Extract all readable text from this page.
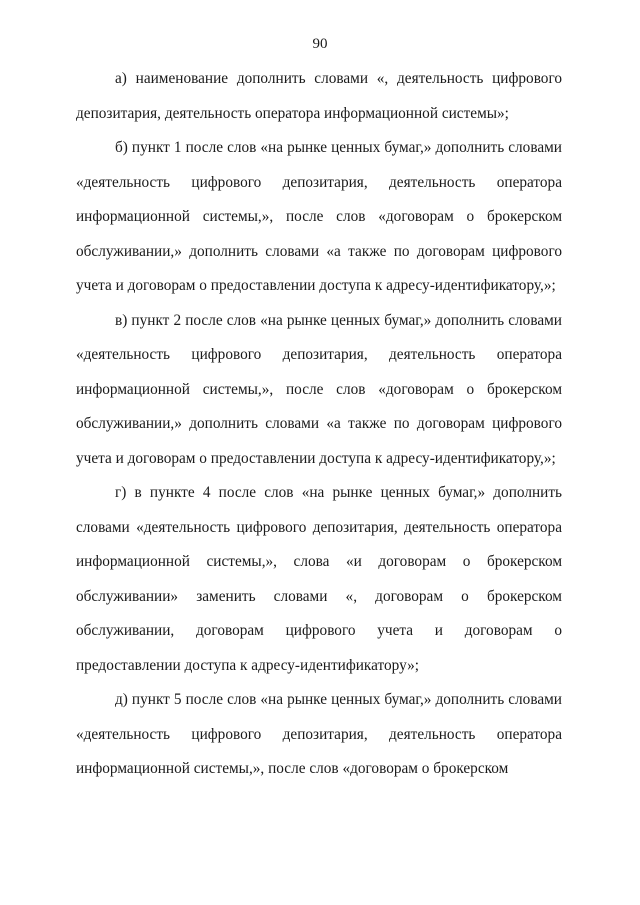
90

а) наименование дополнить словами «, деятельность цифрового депозитария, деятельность оператора информационной системы»;

б) пункт 1 после слов «на рынке ценных бумаг,» дополнить словами «деятельность цифрового депозитария, деятельность оператора информационной системы,», после слов «договорам о брокерском обслуживании,» дополнить словами «а также по договорам цифрового учета и договорам о предоставлении доступа к адресу-идентификатору,»;

в) пункт 2 после слов «на рынке ценных бумаг,» дополнить словами «деятельность цифрового депозитария, деятельность оператора информационной системы,», после слов «договорам о брокерском обслуживании,» дополнить словами «а также по договорам цифрового учета и договорам о предоставлении доступа к адресу-идентификатору,»;

г) в пункте 4 после слов «на рынке ценных бумаг,» дополнить словами «деятельность цифрового депозитария, деятельность оператора информационной системы,», слова «и договорам о брокерском обслуживании» заменить словами «, договорам о брокерском обслуживании, договорам цифрового учета и договорам о предоставлении доступа к адресу-идентификатору»;

д) пункт 5 после слов «на рынке ценных бумаг,» дополнить словами «деятельность цифрового депозитария, деятельность оператора информационной системы,», после слов «договорам о брокерском
